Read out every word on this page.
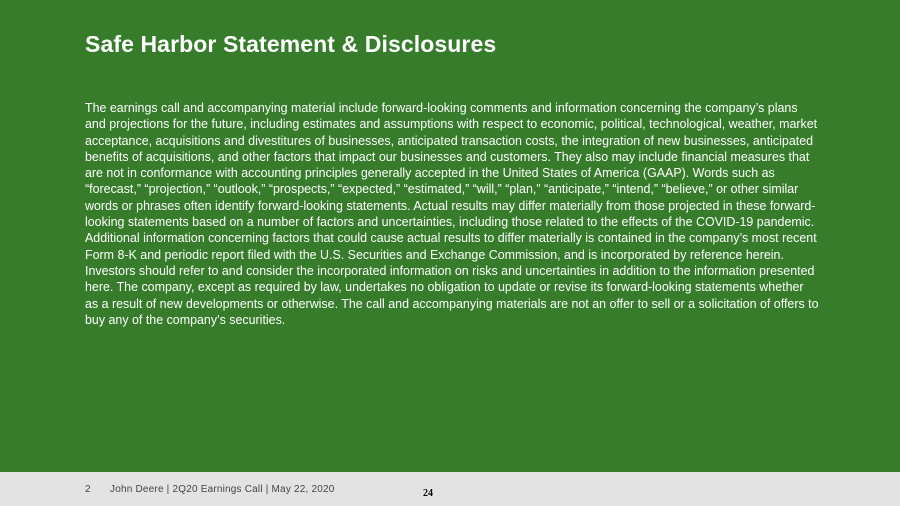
Safe Harbor Statement & Disclosures

The earnings call and accompanying material include forward-looking comments and information concerning the company’s plans and projections for the future, including estimates and assumptions with respect to economic, political, technological, weather, market acceptance, acquisitions and divestitures of businesses, anticipated transaction costs, the integration of new businesses, anticipated benefits of acquisitions, and other factors that impact our businesses and customers. They also may include financial measures that are not in conformance with accounting principles generally accepted in the United States of America (GAAP). Words such as “forecast,” “projection,” “outlook,” “prospects,” “expected,” “estimated,” “will,” “plan,” “anticipate,” “intend,” “believe,” or other similar words or phrases often identify forward-looking statements. Actual results may differ materially from those projected in these forward-looking statements based on a number of factors and uncertainties, including those related to the effects of the COVID-19 pandemic. Additional information concerning factors that could cause actual results to differ materially is contained in the company’s most recent Form 8-K and periodic report filed with the U.S. Securities and Exchange Commission, and is incorporated by reference herein. Investors should refer to and consider the incorporated information on risks and uncertainties in addition to the information presented here. The company, except as required by law, undertakes no obligation to update or revise its forward-looking statements whether as a result of new developments or otherwise. The call and accompanying materials are not an offer to sell or a solicitation of offers to buy any of the company’s securities.

2 John Deere | 2Q20 Earnings Call | May 22, 2020	24
